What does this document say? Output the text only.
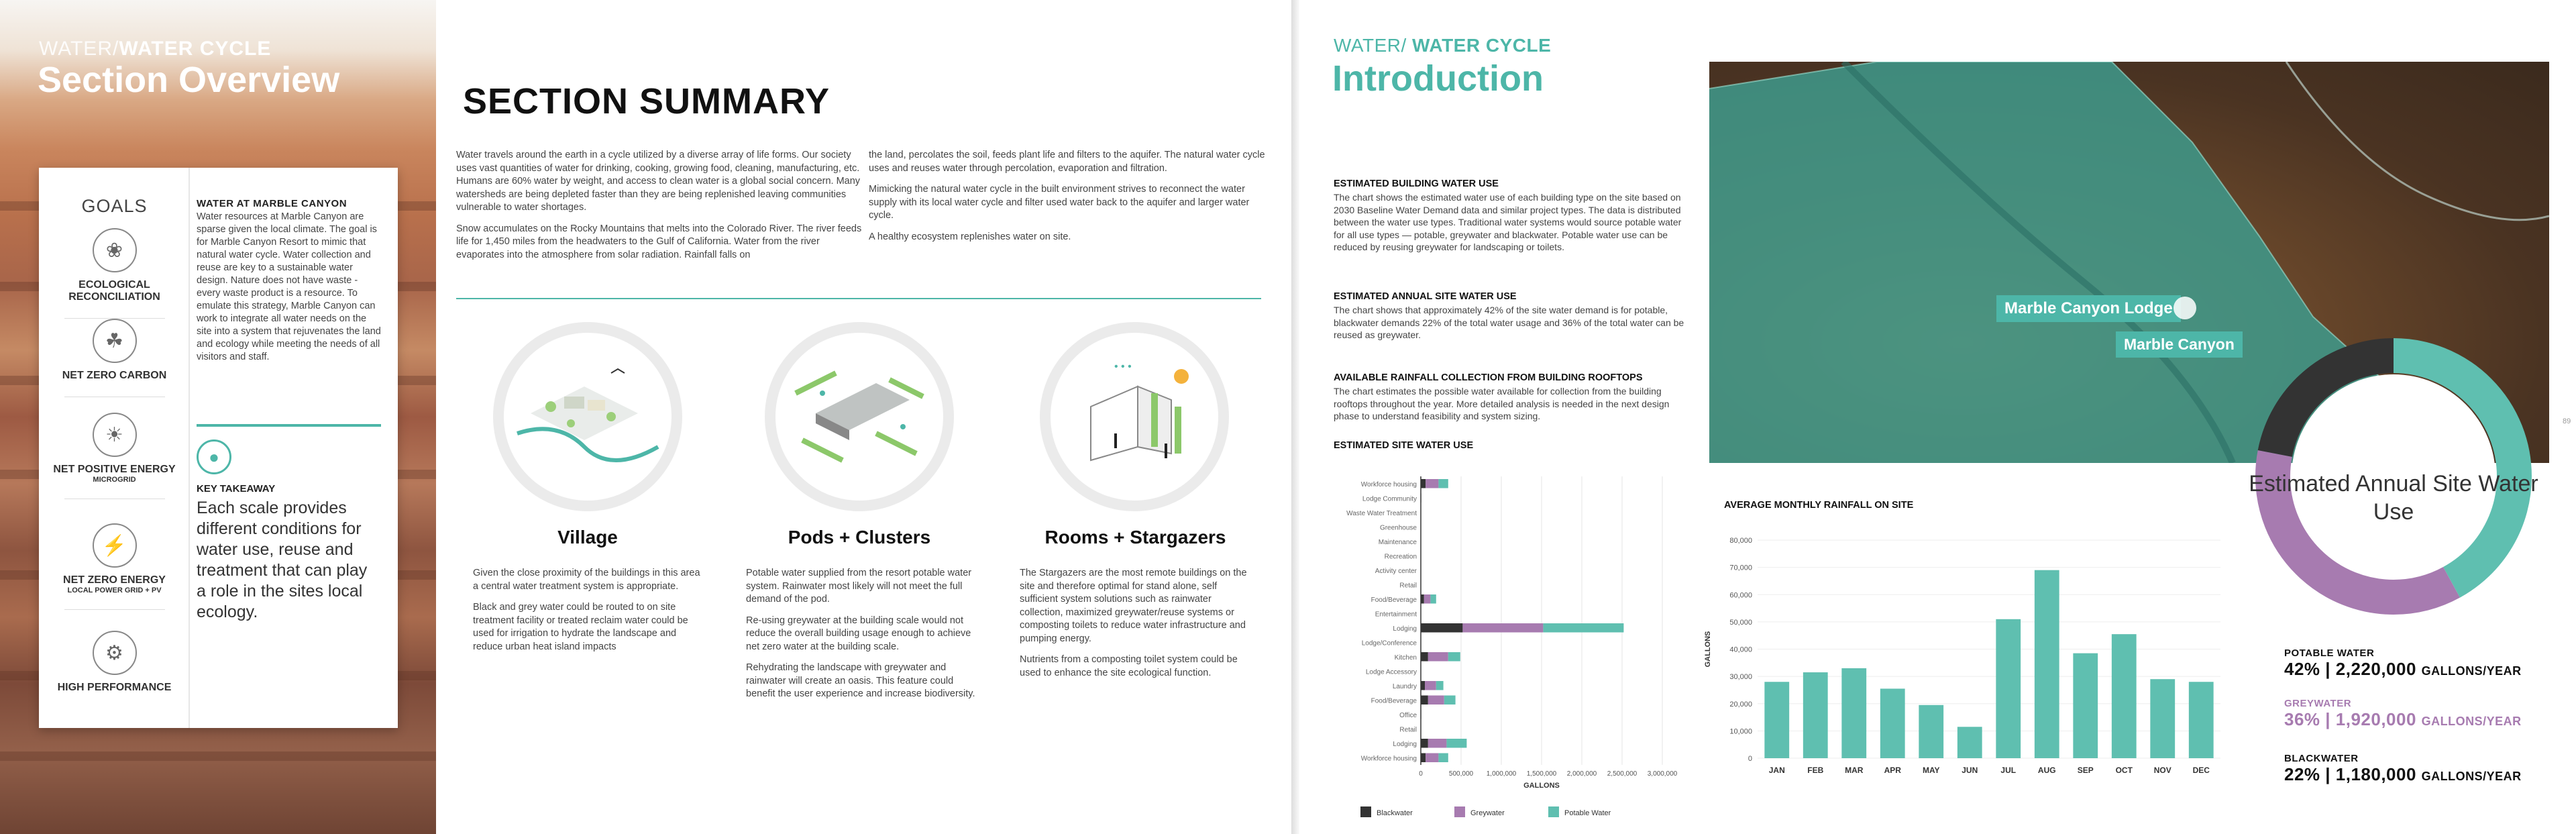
WATER/WATER CYCLE
Section Overview
GOALS
❀
ECOLOGICAL RECONCILIATION
☘
NET ZERO CARBON
☀
NET POSITIVE ENERGY
MICROGRID
⚡
NET ZERO ENERGY
LOCAL POWER GRID + PV
⚙
HIGH PERFORMANCE
WATER AT MARBLE CANYON
Water resources at Marble Canyon are sparse given the local climate. The goal is for Marble Canyon Resort to mimic that natural water cycle. Water collection and reuse are key to a sustainable water design. Nature does not have waste - every waste product is a resource. To emulate this strategy, Marble Canyon can work to integrate all water needs on the site into a system that rejuvenates the land and ecology while meeting the needs of all visitors and staff.
●
KEY TAKEAWAY
Each scale provides different conditions for water use, reuse and treatment that can play a role in the sites local ecology.
SECTION SUMMARY

Water travels around the earth in a cycle utilized by a diverse array of life forms. Our society uses vast quantities of water for drinking, cooking, growing food, cleaning, manufacturing, etc. Humans are 60% water by weight, and access to clean water is a global social concern. Many watersheds are being depleted faster than they are being replenished leaving communities vulnerable to water shortages.

Snow accumulates on the Rocky Mountains that melts into the Colorado River. The river feeds life for 1,450 miles from the headwaters to the Gulf of California. Water from the river evaporates into the atmosphere from solar radiation. Rainfall falls on

the land, percolates the soil, feeds plant life and filters to the aquifer. The natural water cycle uses and reuses water through percolation, evaporation and filtration.

Mimicking the natural water cycle in the built environment strives to reconnect the water supply with its local water cycle and filter used water back to the aquifer and larger water cycle.

A healthy ecosystem replenishes water on site.

• • •
Village	Pods + Clusters	Rooms + Stargazers

Given the close proximity of the buildings in this area a central water treatment system is appropriate.

Black and grey water could be routed to on site treatment facility or treated reclaim water could be used for irrigation to hydrate the landscape and reduce urban heat island impacts

Potable water supplied from the resort potable water system. Rainwater most likely will not meet the full demand of the pod.

Re-using greywater at the building scale would not reduce the overall building usage enough to achieve net zero water at the building scale.

Rehydrating the landscape with greywater and rainwater will create an oasis. This feature could benefit the user experience and increase biodiversity.

The Stargazers are the most remote buildings on the site and therefore optimal for stand alone, self sufficient system solutions such as rainwater collection, maximized greywater/reuse systems or composting toilets to reduce water infrastructure and pumping energy.

Nutrients from a composting toilet system could be used to enhance the site ecological function.

WATER/ WATER CYCLE
Introduction
ESTIMATED BUILDING WATER USE
The chart shows the estimated water use of each building type on the site based on 2030 Baseline Water Demand data and similar project types. The data is distributed between the water use types. Traditional water systems would source potable water for all use types — potable, greywater and blackwater. Potable water use can be reduced by reusing greywater for landscaping or toilets.
ESTIMATED ANNUAL SITE WATER USE
The chart shows that approximately 42% of the site water demand is for potable, blackwater demands 22% of the total water usage and 36% of the total water can be reused as greywater.
AVAILABLE RAINFALL COLLECTION FROM BUILDING ROOFTOPS
The chart estimates the possible water available for collection from the building rooftops throughout the year. More detailed analysis is needed in the next design phase to understand feasibility and system sizing.
ESTIMATED SITE WATER USE
Marble Canyon Lodge
Marble Canyon
0	500,000 1,000,000 1,500,000 2,000,000 2,500,000 3,000,000
Workforce housing
Lodge Community
Waste Water Treatment
Greenhouse
Maintenance
Recreation
Activity center
Retail
Food/Beverage
Entertainment
Lodging
Lodge/Conference
Kitchen
Lodge Accessory
Laundry
Food/Beverage
Office
Retail
Lodging
Workforce housing
GALLONS
Blackwater	Greywater	Potable Water
AVERAGE MONTHLY RAINFALL ON SITE
0
10,000
20,000
30,000
40,000
50,000
60,000
70,000
80,000
GALLONS
JAN	FEB	MAR	APR	MAY	JUN	JUL	AUG	SEP	OCT	NOV	DEC
Estimated Annual Site Water Use
POTABLE WATER
42% | 2,220,000 GALLONS/YEAR
GREYWATER
36% | 1,920,000 GALLONS/YEAR
BLACKWATER
22% | 1,180,000 GALLONS/YEAR
89
